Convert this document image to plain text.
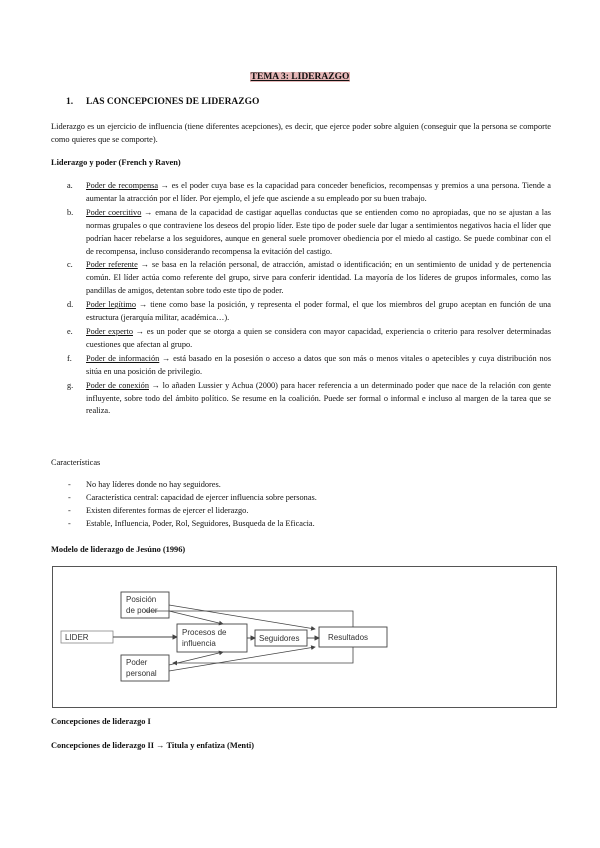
TEMA 3: LIDERAZGO
1. LAS CONCEPCIONES DE LIDERAZGO
Liderazgo es un ejercicio de influencia (tiene diferentes acepciones), es decir, que ejerce poder sobre alguien (conseguir que la persona se comporte como quieres que se comporte).
Liderazgo y poder (French y Raven)
a. Poder de recompensa → es el poder cuya base es la capacidad para conceder beneficios, recompensas y premios a una persona. Tiende a aumentar la atracción por el líder. Por ejemplo, el jefe que asciende a su empleado por su buen trabajo.
b. Poder coercitivo → emana de la capacidad de castigar aquellas conductas que se entienden como no apropiadas, que no se ajustan a las normas grupales o que contraviene los deseos del propio líder. Este tipo de poder suele dar lugar a sentimientos negativos hacia el líder que podrían hacer rebelarse a los seguidores, aunque en general suele promover obediencia por el miedo al castigo. Se puede combinar con el de recompensa, incluso considerando recompensa la evitación del castigo.
c. Poder referente → se basa en la relación personal, de atracción, amistad o identificación; en un sentimiento de unidad y de pertenencia común. El líder actúa como referente del grupo, sirve para conferir identidad. La mayoría de los líderes de grupos informales, como las pandillas de amigos, detentan sobre todo este tipo de poder.
d. Poder legítimo → tiene como base la posición, y representa el poder formal, el que los miembros del grupo aceptan en función de una estructura (jerarquía militar, académica…).
e. Poder experto → es un poder que se otorga a quien se considera con mayor capacidad, experiencia o criterio para resolver determinadas cuestiones que afectan al grupo.
f. Poder de información → está basado en la posesión o acceso a datos que son más o menos vitales o apetecibles y cuya distribución nos sitúa en una posición de privilegio.
g. Poder de conexión → lo añaden Lussier y Achua (2000) para hacer referencia a un determinado poder que nace de la relación con gente influyente, sobre todo del ámbito político. Se resume en la coalición. Puede ser formal o informal e incluso al margen de la tarea que se realiza.
Características
- No hay líderes donde no hay seguidores.
- Característica central: capacidad de ejercer influencia sobre personas.
- Existen diferentes formas de ejercer el liderazgo.
- Estable, Influencia, Poder, Rol, Seguidores, Busqueda de la Eficacia.
Modelo de liderazgo de Jesúno (1996)
LIDER
Posición
de poder
Procesos de
influencia
Seguidores	Resultados
Poder
personal
Concepciones de liderazgo I
Concepciones de liderazgo II → Titula y enfatiza (Menti)
